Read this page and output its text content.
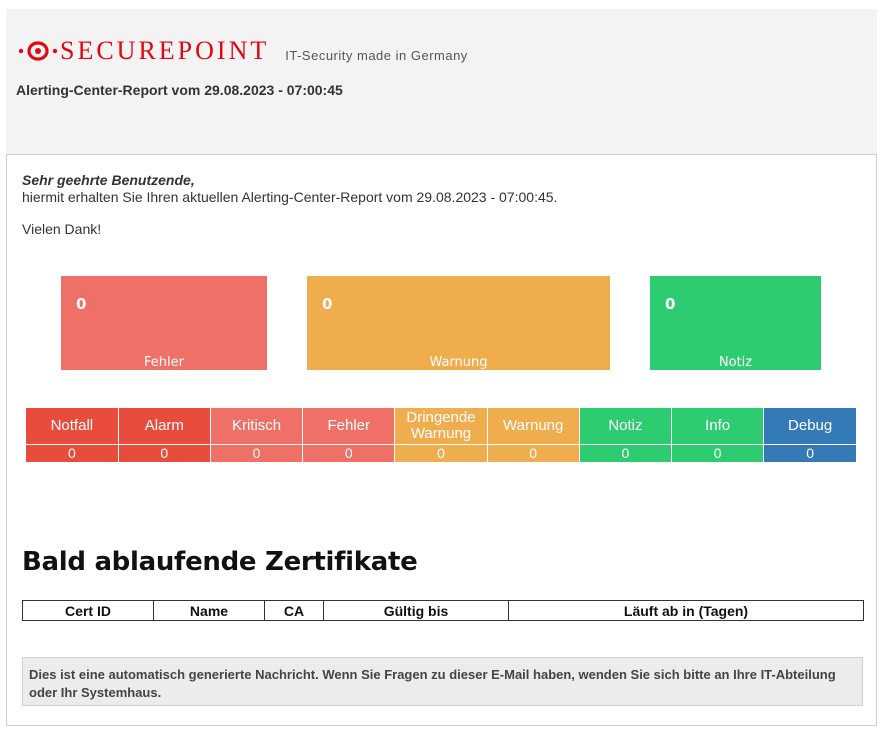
SECUREPOINT IT-Security made in Germany
Alerting-Center-Report vom 29.08.2023 - 07:00:45
Sehr geehrte Benutzende,
hiermit erhalten Sie Ihren aktuellen Alerting-Center-Report vom 29.08.2023 - 07:00:45.
Vielen Dank!
0
Fehler
0
Warnung
0
Notiz
Notfall	Alarm	Kritisch	Fehler	Dringende Warnung	Warnung	Notiz	Info	Debug
0	0	0	0	0	0	0	0	0
Bald ablaufende Zertifikate
Cert ID	Name	CA	Gültig bis	Läuft ab in (Tagen)
Dies ist eine automatisch generierte Nachricht. Wenn Sie Fragen zu dieser E-Mail haben, wenden Sie sich bitte an Ihre IT-Abteilung oder Ihr Systemhaus.
